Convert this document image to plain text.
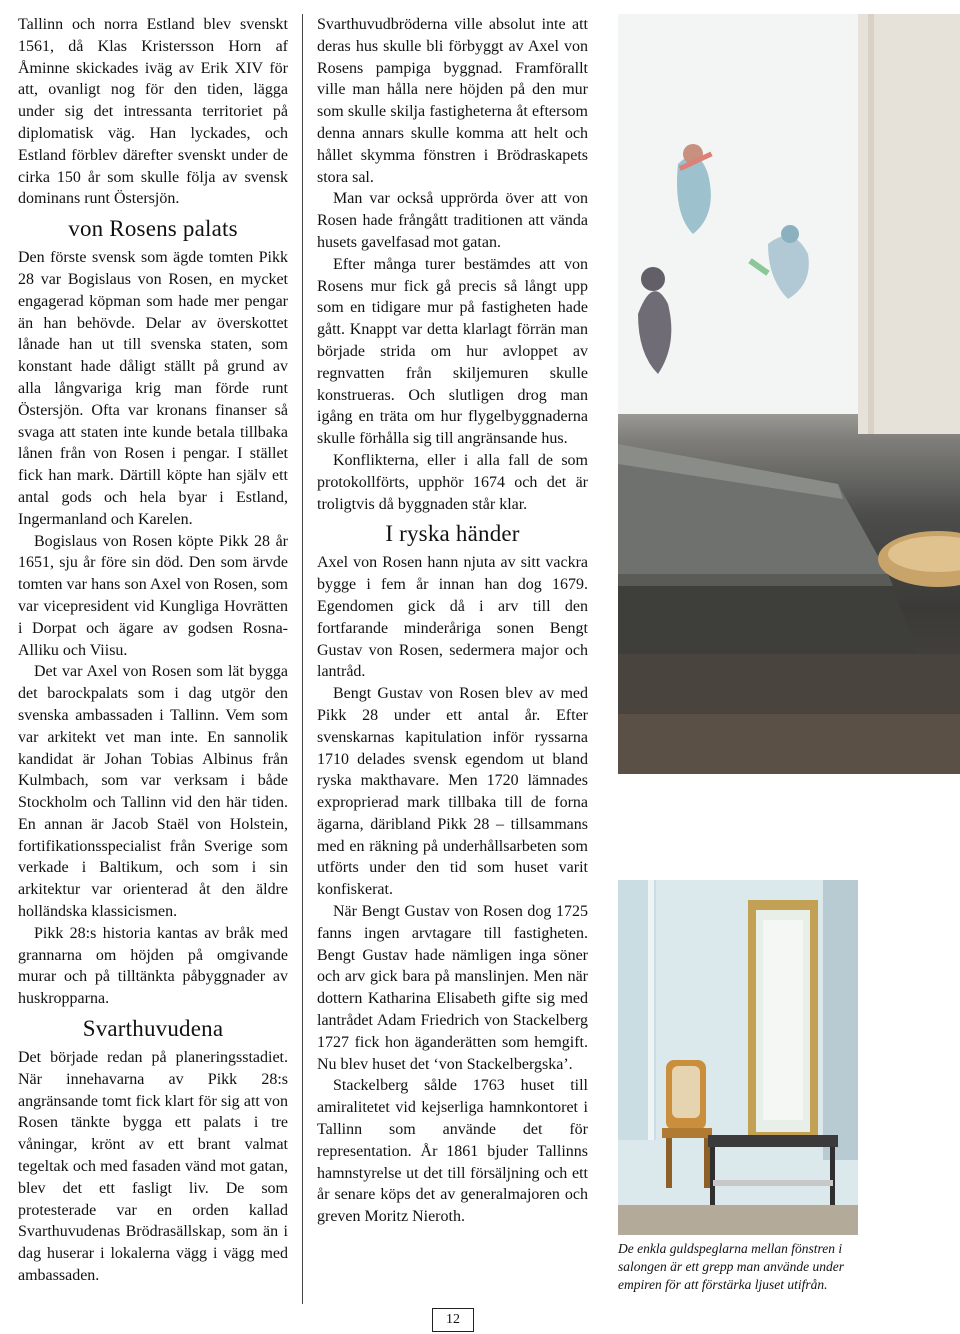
Tallinn och norra Estland blev svenskt 1561, då Klas Kristersson Horn af Åminne skickades iväg av Erik XIV för att, ovanligt nog för den tiden, lägga under sig det intressanta territoriet på diplomatisk väg. Han lyckades, och Estland förblev därefter svenskt under de cirka 150 år som skulle följa av svensk dominans runt Östersjön.

von Rosens palats

Den förste svensk som ägde tomten Pikk 28 var Bogislaus von Rosen, en mycket engagerad köpman som hade mer pengar än han behövde. Delar av överskottet lånade han ut till svenska staten, som konstant hade dåligt ställt på grund av alla långvariga krig man förde runt Östersjön. Ofta var kronans finanser så svaga att staten inte kunde betala tillbaka lånen från von Rosen i pengar. I stället fick han mark. Därtill köpte han själv ett antal gods och hela byar i Estland, Ingermanland och Karelen.

Bogislaus von Rosen köpte Pikk 28 år 1651, sju år före sin död. Den som ärvde tomten var hans son Axel von Rosen, som var vicepresident vid Kungliga Hovrätten i Dorpat och ägare av godsen Rosna-Alliku och Viisu.

Det var Axel von Rosen som lät bygga det barockpalats som i dag utgör den svenska ambassaden i Tallinn. Vem som var arkitekt vet man inte. En sannolik kandidat är Johan Tobias Albinus från Kulmbach, som var verksam i både Stockholm och Tallinn vid den här tiden. En annan är Jacob Staël von Holstein, fortifikationsspecialist från Sverige som verkade i Baltikum, och som i sin arkitektur var orienterad åt den äldre holländska klassicismen.

Pikk 28:s historia kantas av bråk med grannarna om höjden på omgivande murar och på tilltänkta påbyggnader av huskropparna.

Svarthuvudena

Det började redan på planeringsstadiet. När innehavarna av Pikk 28:s angränsande tomt fick klart för sig att von Rosen tänkte bygga ett palats i tre våningar, krönt av ett brant valmat tegeltak och med fasaden vänd mot gatan, blev det ett fasligt liv. De som protesterade var en orden kallad Svarthuvudenas Brödrasällskap, som än i dag huserar i lokalerna vägg i vägg med ambassaden.

Svarthuvudbröderna ville absolut inte att deras hus skulle bli förbyggt av Axel von Rosens pampiga byggnad. Framförallt ville man hålla nere höjden på den mur som skulle skilja fastigheterna åt eftersom denna annars skulle komma att helt och hållet skymma fönstren i Brödraskapets stora sal.

Man var också upprörda över att von Rosen hade frångått traditionen att vända husets gavelfasad mot gatan.

Efter många turer bestämdes att von Rosens mur fick gå precis så långt upp som en tidigare mur på fastigheten hade gått. Knappt var detta klarlagt förrän man började strida om hur avloppet av regnvatten från skiljemuren skulle konstrueras. Och slutligen drog man igång en träta om hur flygelbyggnaderna skulle förhålla sig till angränsande hus.

Konflikterna, eller i alla fall de som protokollförts, upphör 1674 och det är troligtvis då byggnaden står klar.

I ryska händer

Axel von Rosen hann njuta av sitt vackra bygge i fem år innan han dog 1679. Egendomen gick då i arv till den fortfarande minderåriga sonen Bengt Gustav von Rosen, sedermera major och lantråd.

Bengt Gustav von Rosen blev av med Pikk 28 under ett antal år. Efter svenskarnas kapitulation inför ryssarna 1710 delades svensk egendom ut bland ryska makthavare. Men 1720 lämnades exproprierad mark tillbaka till de forna ägarna, däribland Pikk 28 – tillsammans med en räkning på underhållsarbeten som utförts under den tid som huset varit konfiskerat.

När Bengt Gustav von Rosen dog 1725 fanns ingen arvtagare till fastigheten. Bengt Gustav hade nämligen inga söner och arv gick bara på manslinjen. Men när dottern Katharina Elisabeth gifte sig med lantrådet Adam Friedrich von Stackelberg 1727 fick hon äganderätten som hemgift. Nu blev huset det ‘von Stackelbergska’.

Stackelberg sålde 1763 huset till amiralitetet vid kejserliga hamnkontoret i Tallinn som använde det för representation. År 1861 bjuder Tallinns hamnstyrelse ut det till försäljning och ett år senare köps det av generalmajoren och greven Moritz Nieroth.

De enkla guldspeglarna mellan fönstren i salongen är ett grepp man använde under empiren för att förstärka ljuset utifrån.
12
